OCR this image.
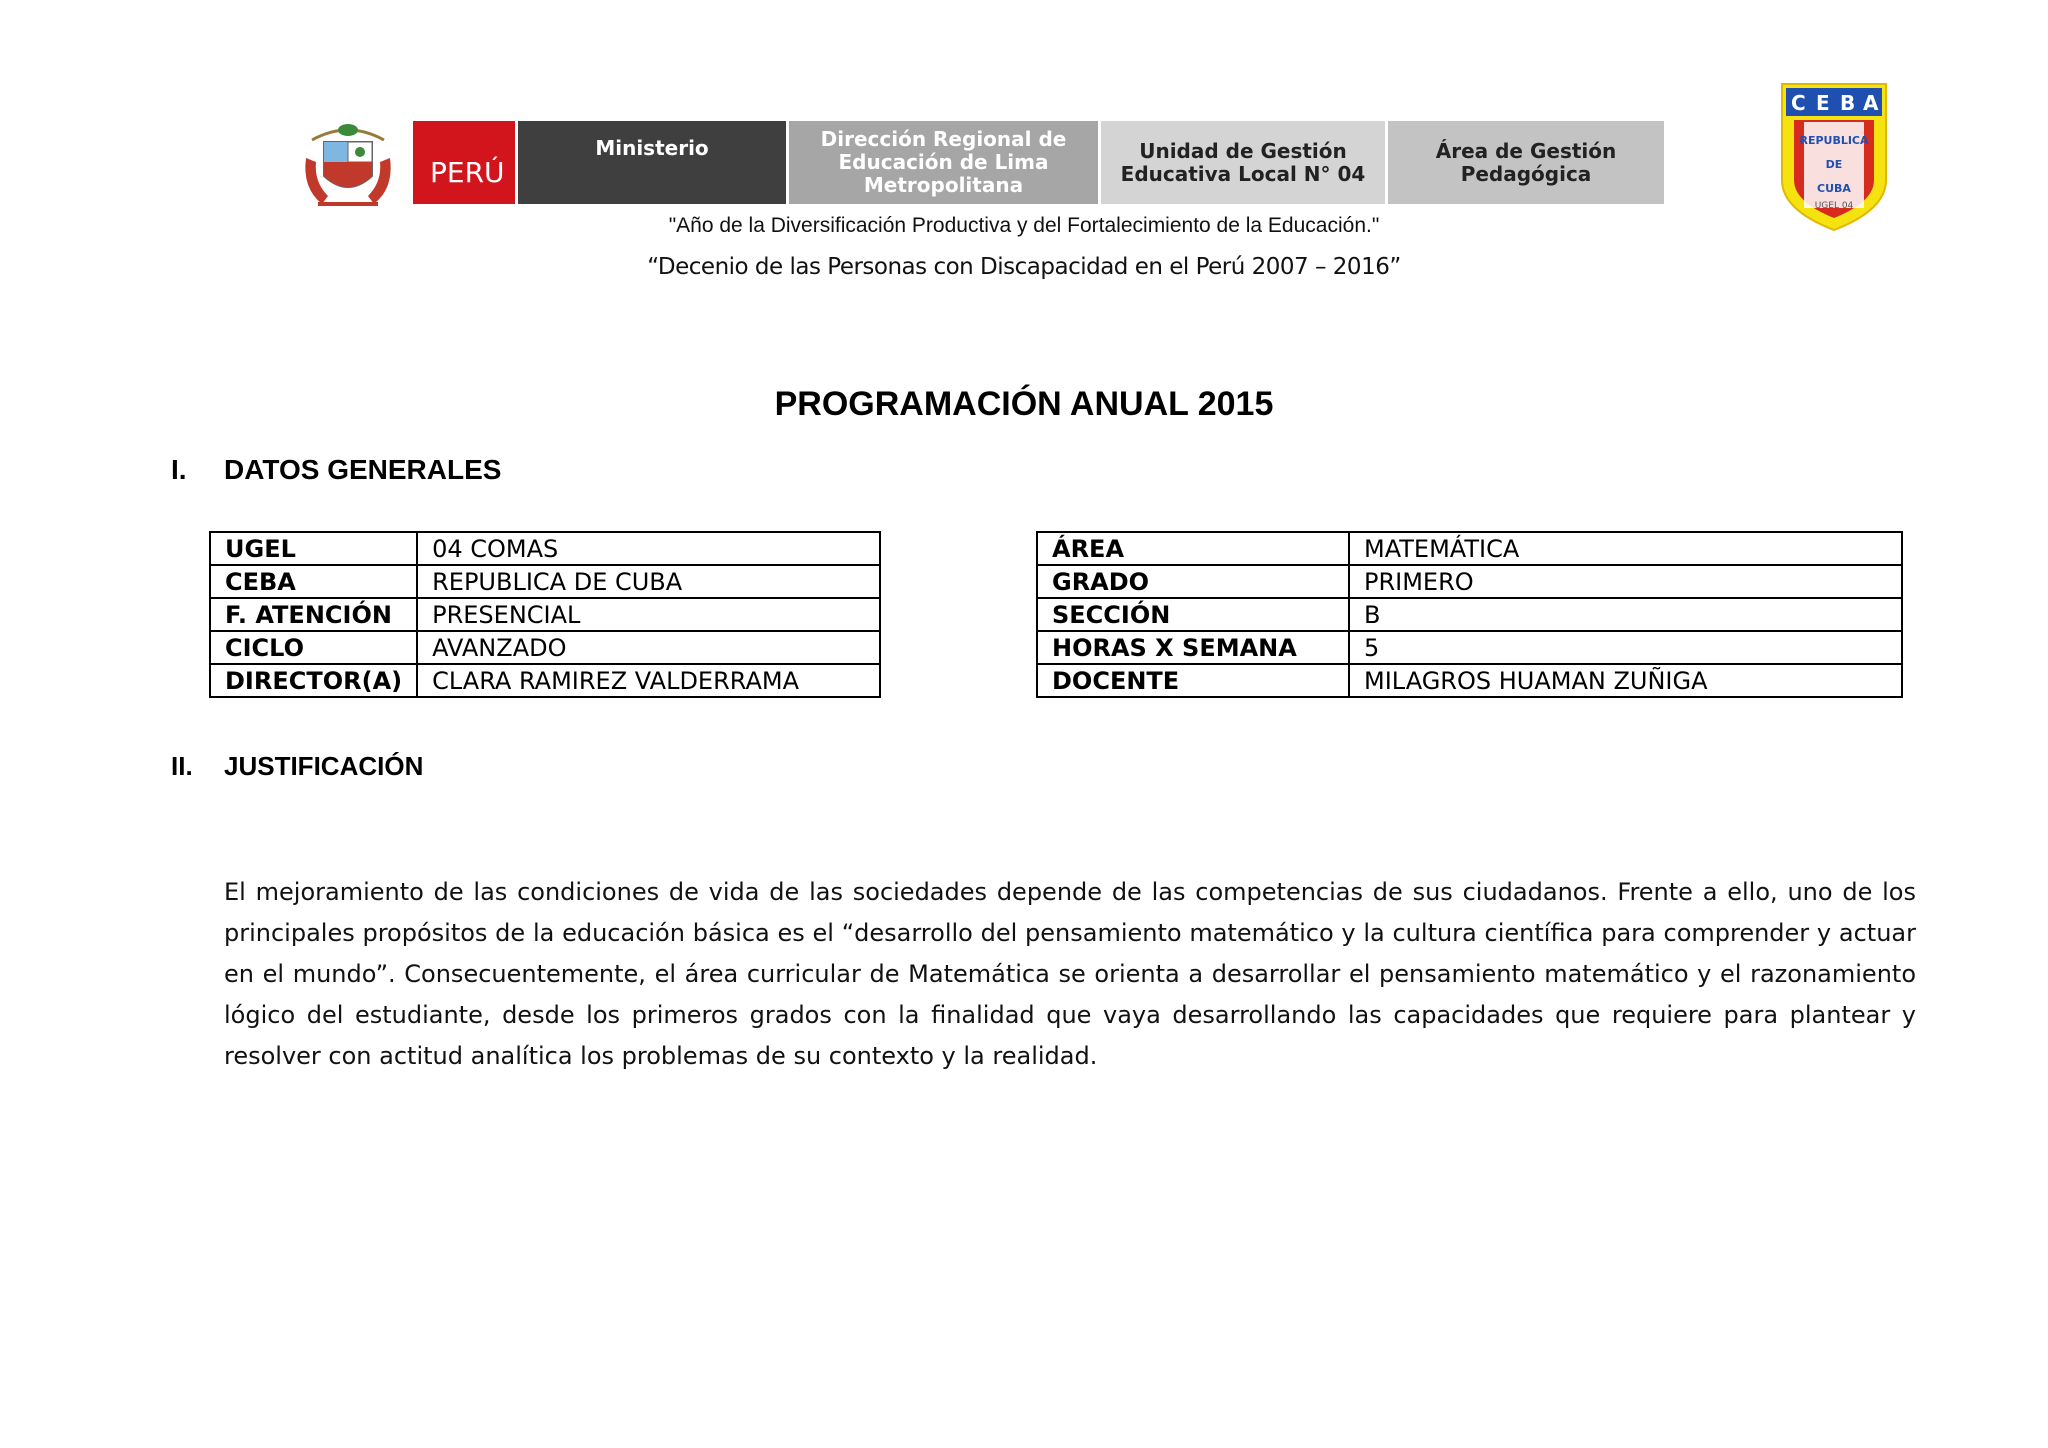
PERÚ
Ministerio	Dirección Regional de Educación de Lima Metropolitana
Unidad de Gestión Educativa Local N° 04
Área de Gestión Pedagógica
C E B A
REPUBLICA
DE
CUBA
UGEL 04
"Año de la Diversificación Productiva y del Fortalecimiento de la Educación."
“Decenio de las Personas con Discapacidad en el Perú 2007 – 2016”
PROGRAMACIÓN ANUAL 2015
I. DATOS GENERALES
UGEL	04 COMAS
CEBA	REPUBLICA DE CUBA
F. ATENCIÓN	PRESENCIAL
CICLO	AVANZADO
DIRECTOR(A)	CLARA RAMIREZ VALDERRAMA
ÁREA	MATEMÁTICA
GRADO	PRIMERO
SECCIÓN	B
HORAS X SEMANA	5
DOCENTE	MILAGROS HUAMAN ZUÑIGA
II. JUSTIFICACIÓN
El mejoramiento de las condiciones de vida de las sociedades depende de las competencias de sus ciudadanos. Frente a ello, uno de los principales propósitos de la educación básica es el “desarrollo del pensamiento matemático y la cultura científica para comprender y actuar en el mundo”. Consecuentemente, el área curricular de Matemática se orienta a desarrollar el pensamiento matemático y el razonamiento lógico del estudiante, desde los primeros grados con la finalidad que vaya desarrollando las capacidades que requiere para plantear y resolver con actitud analítica los problemas de su contexto y la realidad.
